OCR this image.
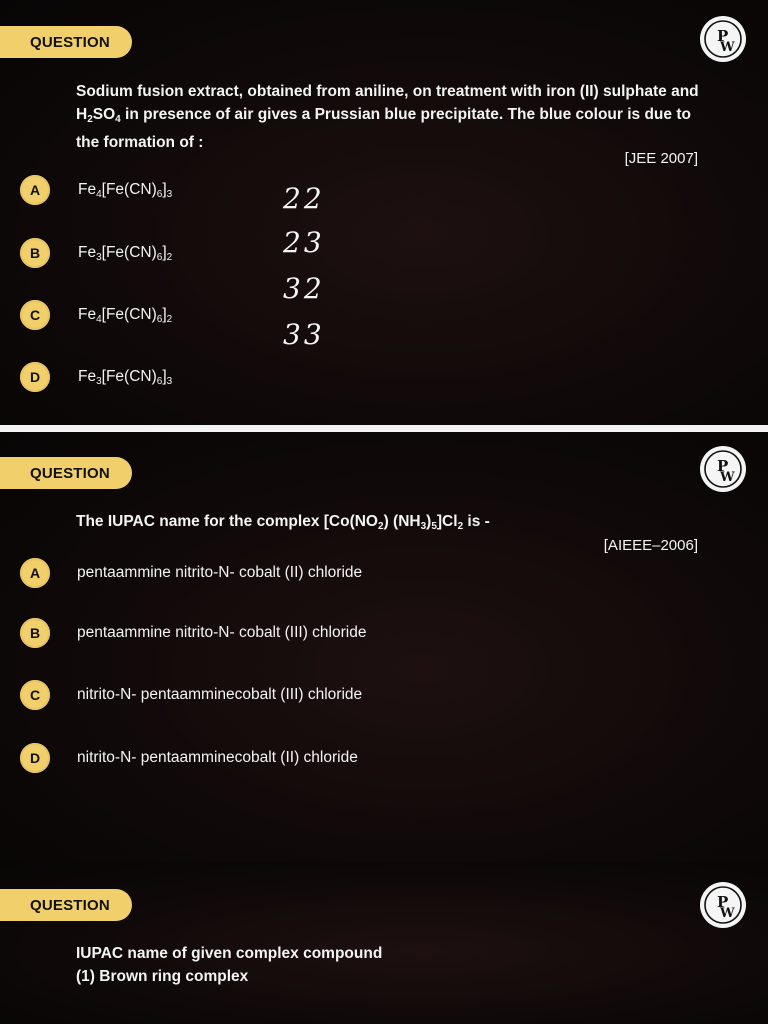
QUESTION	P
W
Sodium fusion extract, obtained from aniline, on treatment with iron (II) sulphate and $H_2SO_4$ in presence of air gives a Prussian blue precipitate. The blue colour is due to the formation of :
[JEE 2007]
A	$Fe_4[Fe(CN)_6]_3$
B	$Fe_3[Fe(CN)_6]_2$
C	$Fe_4[Fe(CN)_6]_2$
D	$Fe_3[Fe(CN)_6]_3$
22
23
32
33
QUESTION	P
W
The IUPAC name for the complex [$Co(NO_2)$ $(NH_3)_5]Cl_2$ is -
[AIEEE–2006]
A	pentaammine nitrito-N- cobalt (II) chloride
B	pentaammine nitrito-N- cobalt (III) chloride
C	nitrito-N- pentaamminecobalt (III) chloride
D	nitrito-N- pentaamminecobalt (II) chloride
QUESTION	P
W
IUPAC name of given complex compound
(1) Brown ring complex
